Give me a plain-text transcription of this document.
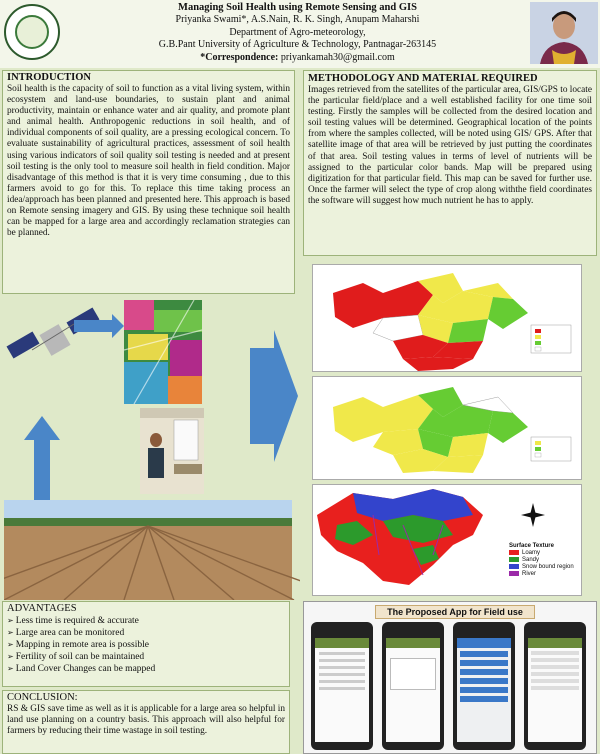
Managing Soil Health using Remote Sensing and GIS
Priyanka Swami*, A.S.Nain, R. K. Singh, Anupam Maharshi
Department of Agro-meteorology,
G.B.Pant University of Agriculture & Technology, Pantnagar-263145
*Correspondence: priyankamah30@gmail.com
INTRODUCTION
Soil health is the capacity of soil to function as a vital living system, within ecosystem and land-use boundaries, to sustain plant and animal productivity, maintain or enhance water and air quality, and promote plant and animal health. Anthropogenic reductions in soil health, and of individual components of soil quality, are a pressing ecological concern. To evaluate sustainability of agricultural practices, assessment of soil health using various indicators of soil quality soil testing is needed and at present soil testing is the only tool to measure soil health in field condition. Major disadvantage of this method is that it is very time consuming , due to this farmers avoid to go for this. To replace this time taking process an idea/approach has been planned and presented here. This approach is based on Remote sensing imagery and GIS. By using these technique soil health can be mapped for a large area and accordingly reclamation strategies can be planned.
METHODOLOGY AND MATERIAL REQUIRED
Images retrieved from the satellites of the particular area, GIS/GPS to locate the particular field/place and a well established facility for one time soil testing. Firstly the samples will be collected from the desired location and soil testing values will be determined. Geographical location of the points from where the samples collected, will be noted using GIS/ GPS. After that satellite image of that area will be retrieved by just putting the coordinates of that area. Soil testing values in terms of level of nutrients will be assigned to the particular color bands. Map will be prepared using digitization for that particular field. This map can be saved for further use. Once the farmer will select the type of crop along withthe field coordinates the software will suggest how much nutrient he has to apply.
Surface Texture
Loamy
Sandy
Snow bound region
River
ADVANTAGES
➢ Less time is required & accurate
➢ Large area can be monitored
➢ Mapping in remote area is possible
➢ Fertility of soil can be maintained
➢ Land Cover Changes can be mapped
CONCLUSION:
RS & GIS save time as well as it is applicable for a large area so helpful in land use planning on a country basis. This approach will also helpful for farmers by reducing their time wastage in soil testing.
The Proposed App for Field use
